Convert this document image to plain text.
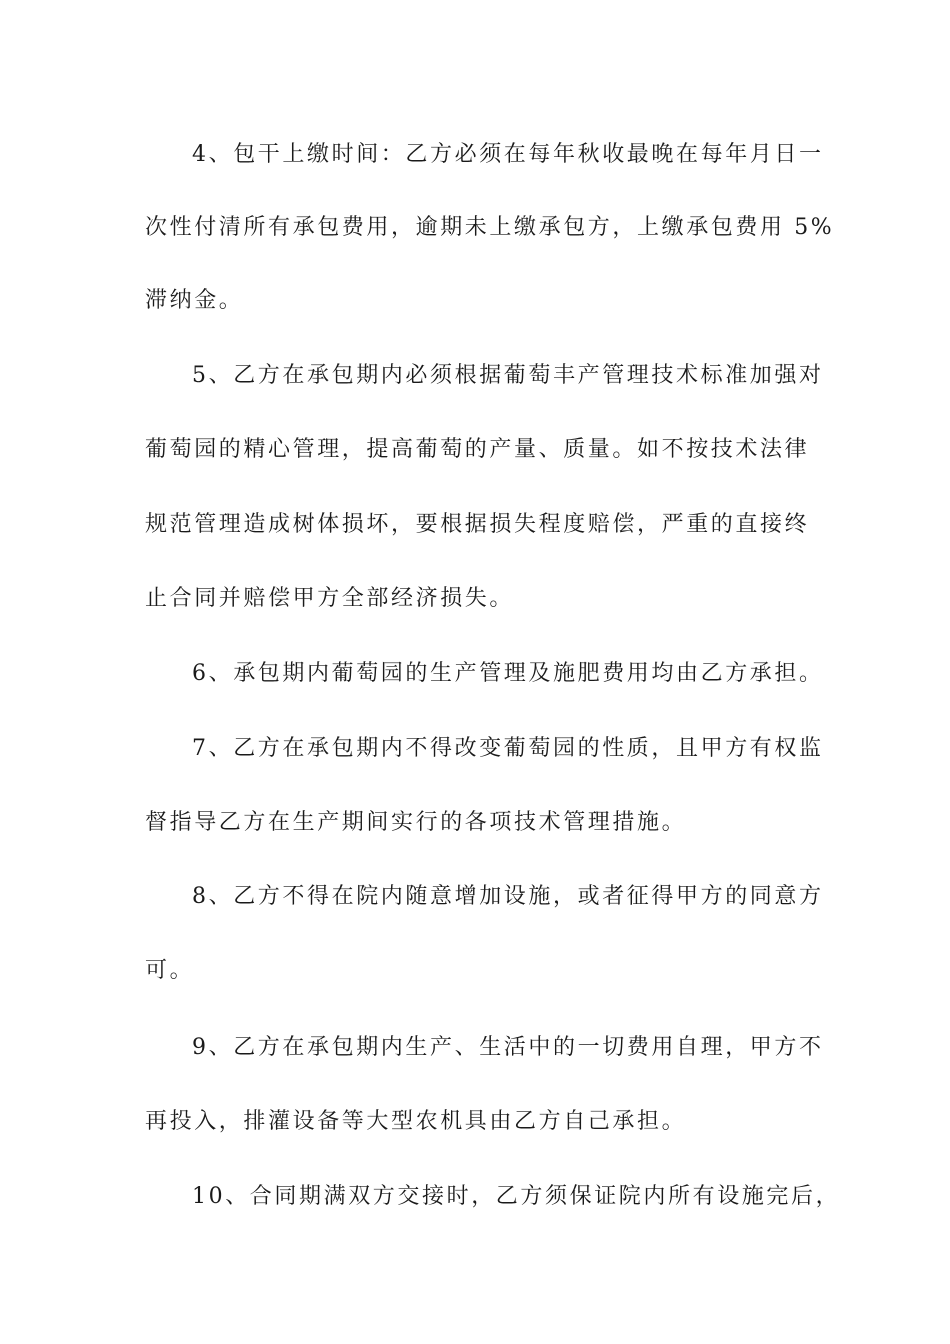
4、包干上缴时间：乙方必须在每年秋收最晚在每年月日一
次性付清所有承包费用，逾期未上缴承包方，上缴承包费用 5%
滞纳金。
5、乙方在承包期内必须根据葡萄丰产管理技术标准加强对
葡萄园的精心管理，提高葡萄的产量、质量。如不按技术法律
规范管理造成树体损坏，要根据损失程度赔偿，严重的直接终
止合同并赔偿甲方全部经济损失。
6、承包期内葡萄园的生产管理及施肥费用均由乙方承担。
7、乙方在承包期内不得改变葡萄园的性质，且甲方有权监
督指导乙方在生产期间实行的各项技术管理措施。
8、乙方不得在院内随意增加设施，或者征得甲方的同意方
可。
9、乙方在承包期内生产、生活中的一切费用自理，甲方不
再投入，排灌设备等大型农机具由乙方自己承担。
10、合同期满双方交接时，乙方须保证院内所有设施完后，
